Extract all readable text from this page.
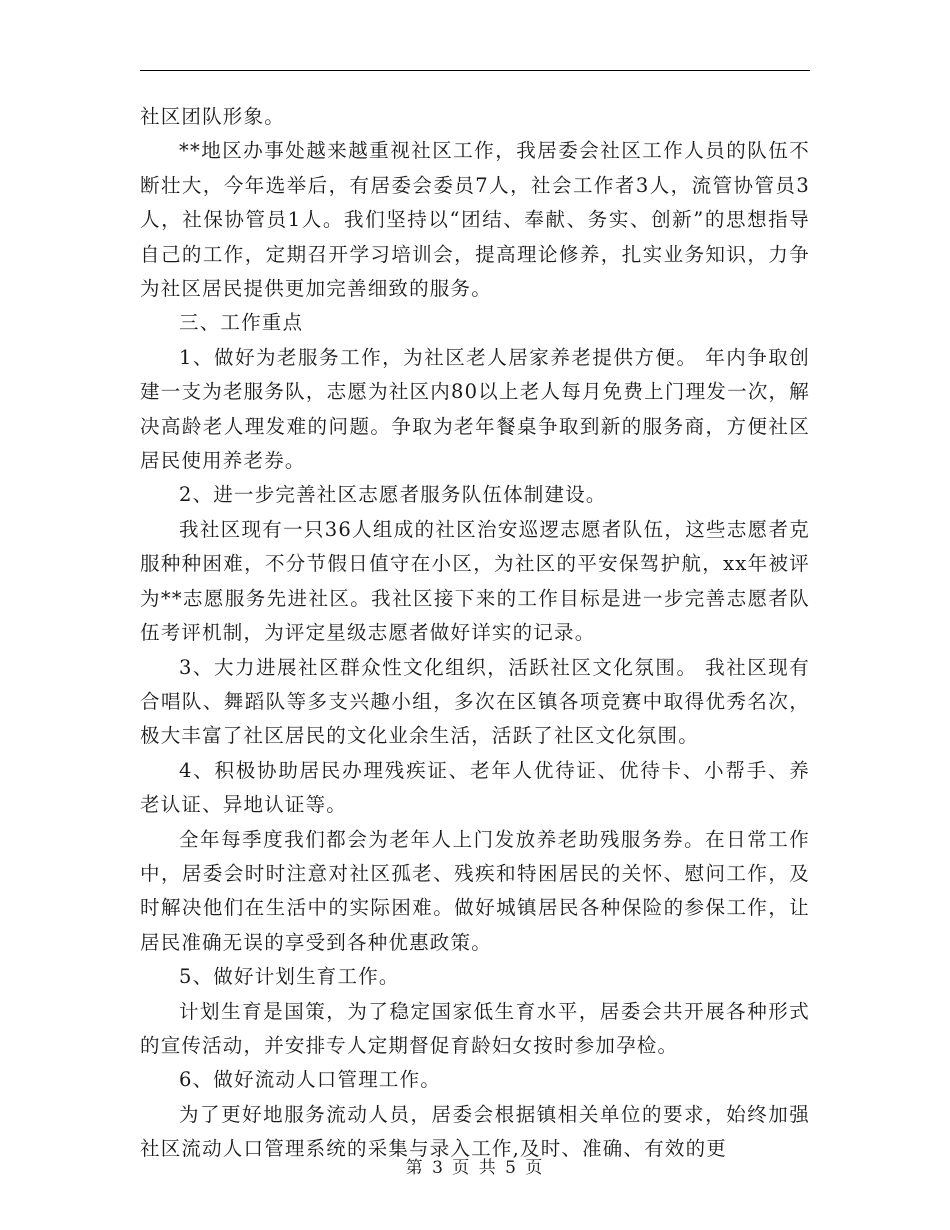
社区团队形象。

**地区办事处越来越重视社区工作，我居委会社区工作人员的队伍不断壮大，今年选举后，有居委会委员7人，社会工作者3人，流管协管员3人，社保协管员1人。我们坚持以“团结、奉献、务实、创新”的思想指导自己的工作，定期召开学习培训会，提高理论修养，扎实业务知识，力争为社区居民提供更加完善细致的服务。

三、工作重点

1、做好为老服务工作，为社区老人居家养老提供方便。 年内争取创建一支为老服务队，志愿为社区内80以上老人每月免费上门理发一次，解决高龄老人理发难的问题。争取为老年餐桌争取到新的服务商，方便社区居民使用养老券。

2、进一步完善社区志愿者服务队伍体制建设。

我社区现有一只36人组成的社区治安巡逻志愿者队伍，这些志愿者克服种种困难，不分节假日值守在小区，为社区的平安保驾护航，xx年被评为**志愿服务先进社区。我社区接下来的工作目标是进一步完善志愿者队伍考评机制，为评定星级志愿者做好详实的记录。

3、大力进展社区群众性文化组织，活跃社区文化氛围。 我社区现有合唱队、舞蹈队等多支兴趣小组，多次在区镇各项竞赛中取得优秀名次，极大丰富了社区居民的文化业余生活，活跃了社区文化氛围。

4、积极协助居民办理残疾证、老年人优待证、优待卡、小帮手、养老认证、异地认证等。

全年每季度我们都会为老年人上门发放养老助残服务券。在日常工作中，居委会时时注意对社区孤老、残疾和特困居民的关怀、慰问工作，及时解决他们在生活中的实际困难。做好城镇居民各种保险的参保工作，让居民准确无误的享受到各种优惠政策。

5、做好计划生育工作。

计划生育是国策，为了稳定国家低生育水平，居委会共开展各种形式的宣传活动，并安排专人定期督促育龄妇女按时参加孕检。

6、做好流动人口管理工作。

为了更好地服务流动人员，居委会根据镇相关单位的要求，始终加强社区流动人口管理系统的采集与录入工作,及时、准确、有效的更

第 3 页 共 5 页
